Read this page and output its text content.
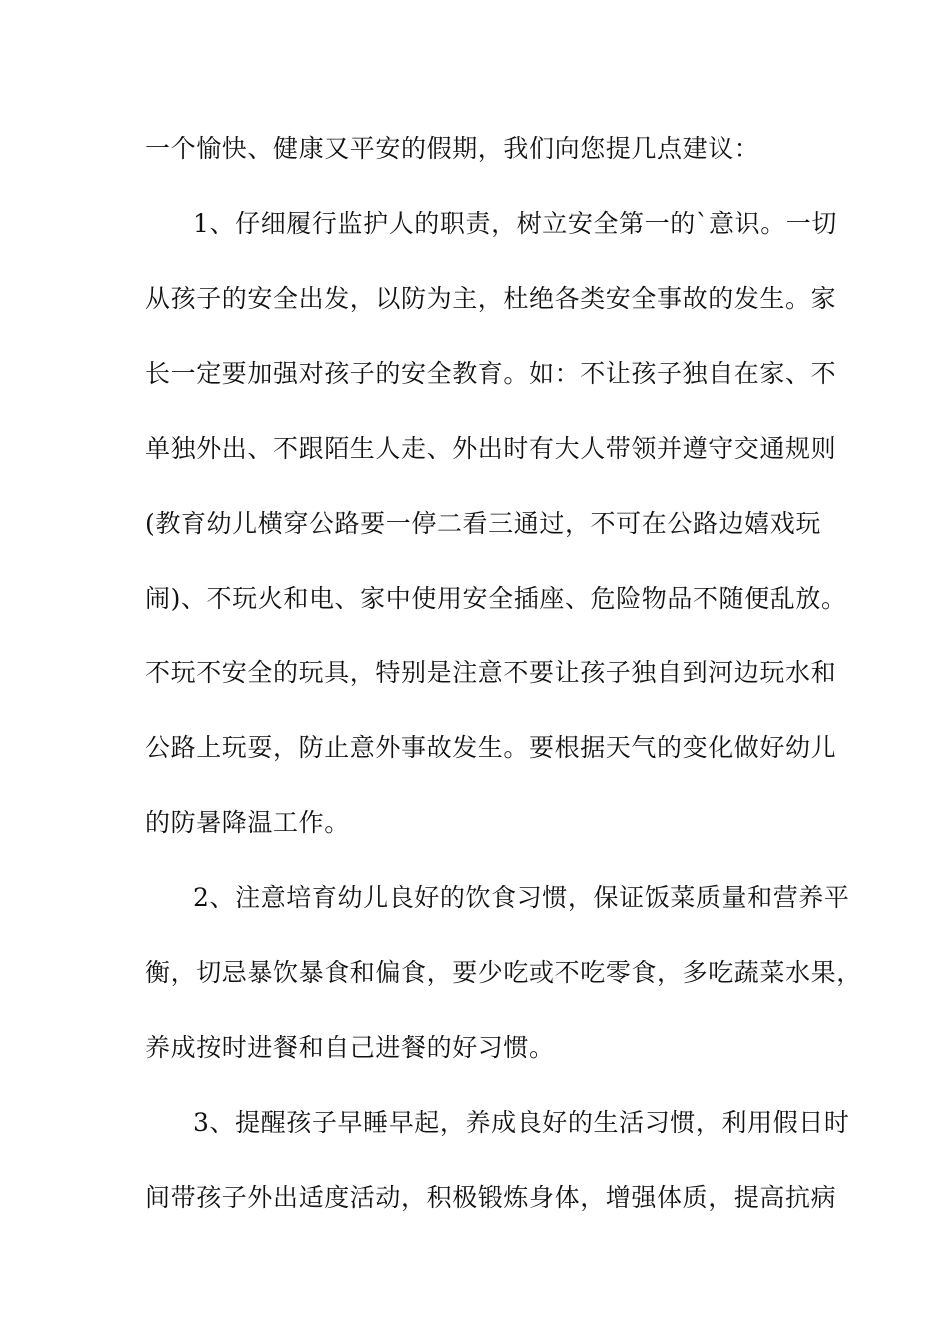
一个愉快、健康又平安的假期，我们向您提几点建议：
1、仔细履行监护人的职责，树立安全第一的`意识。一切
从孩子的安全出发，以防为主，杜绝各类安全事故的发生。家
长一定要加强对孩子的安全教育。如：不让孩子独自在家、不
单独外出、不跟陌生人走、外出时有大人带领并遵守交通规则
(教育幼儿横穿公路要一停二看三通过，不可在公路边嬉戏玩
闹)、不玩火和电、家中使用安全插座、危险物品不随便乱放。
不玩不安全的玩具，特别是注意不要让孩子独自到河边玩水和
公路上玩耍，防止意外事故发生。要根据天气的变化做好幼儿
的防暑降温工作。
2、注意培育幼儿良好的饮食习惯，保证饭菜质量和营养平
衡，切忌暴饮暴食和偏食，要少吃或不吃零食，多吃蔬菜水果，
养成按时进餐和自己进餐的好习惯。
3、提醒孩子早睡早起，养成良好的生活习惯，利用假日时
间带孩子外出适度活动，积极锻炼身体，增强体质，提高抗病
